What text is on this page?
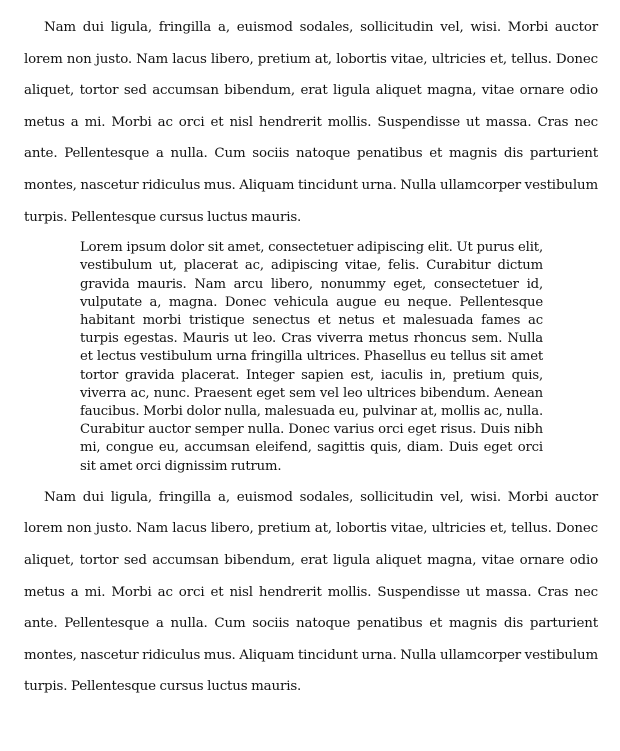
Nam dui ligula, fringilla a, euismod sodales, sollicitudin vel, wisi. Morbi auctor lorem non justo. Nam lacus libero, pretium at, lobortis vitae, ultricies et, tellus. Donec aliquet, tortor sed accumsan bibendum, erat ligula aliquet magna, vitae ornare odio metus a mi. Morbi ac orci et nisl hendrerit mollis. Suspendisse ut massa. Cras nec ante. Pellentesque a nulla. Cum sociis natoque penatibus et magnis dis parturient montes, nascetur ridiculus mus. Aliquam tincidunt urna. Nulla ullamcorper vestibulum turpis. Pellentesque cursus luctus mauris.

Lorem ipsum dolor sit amet, consectetuer adipiscing elit. Ut purus elit, vestibulum ut, placerat ac, adipiscing vitae, felis. Curabitur dictum gravida mauris. Nam arcu libero, nonummy eget, consectetuer id, vulputate a, magna. Donec vehicula augue eu neque. Pellentesque habitant morbi tristique senectus et netus et malesuada fames ac turpis egestas. Mauris ut leo. Cras viverra metus rhoncus sem. Nulla et lectus vestibulum urna fringilla ultrices. Phasellus eu tellus sit amet tortor gravida placerat. Integer sapien est, iaculis in, pretium quis, viverra ac, nunc. Praesent eget sem vel leo ultrices bibendum. Aenean faucibus. Morbi dolor nulla, malesuada eu, pulvinar at, mollis ac, nulla. Curabitur auctor semper nulla. Donec varius orci eget risus. Duis nibh mi, congue eu, accumsan eleifend, sagittis quis, diam. Duis eget orci sit amet orci dignissim rutrum.

Nam dui ligula, fringilla a, euismod sodales, sollicitudin vel, wisi. Morbi auctor lorem non justo. Nam lacus libero, pretium at, lobortis vitae, ultricies et, tellus. Donec aliquet, tortor sed accumsan bibendum, erat ligula aliquet magna, vitae ornare odio metus a mi. Morbi ac orci et nisl hendrerit mollis. Suspendisse ut massa. Cras nec ante. Pellentesque a nulla. Cum sociis natoque penatibus et magnis dis parturient montes, nascetur ridiculus mus. Aliquam tincidunt urna. Nulla ullamcorper vestibulum turpis. Pellentesque cursus luctus mauris.
